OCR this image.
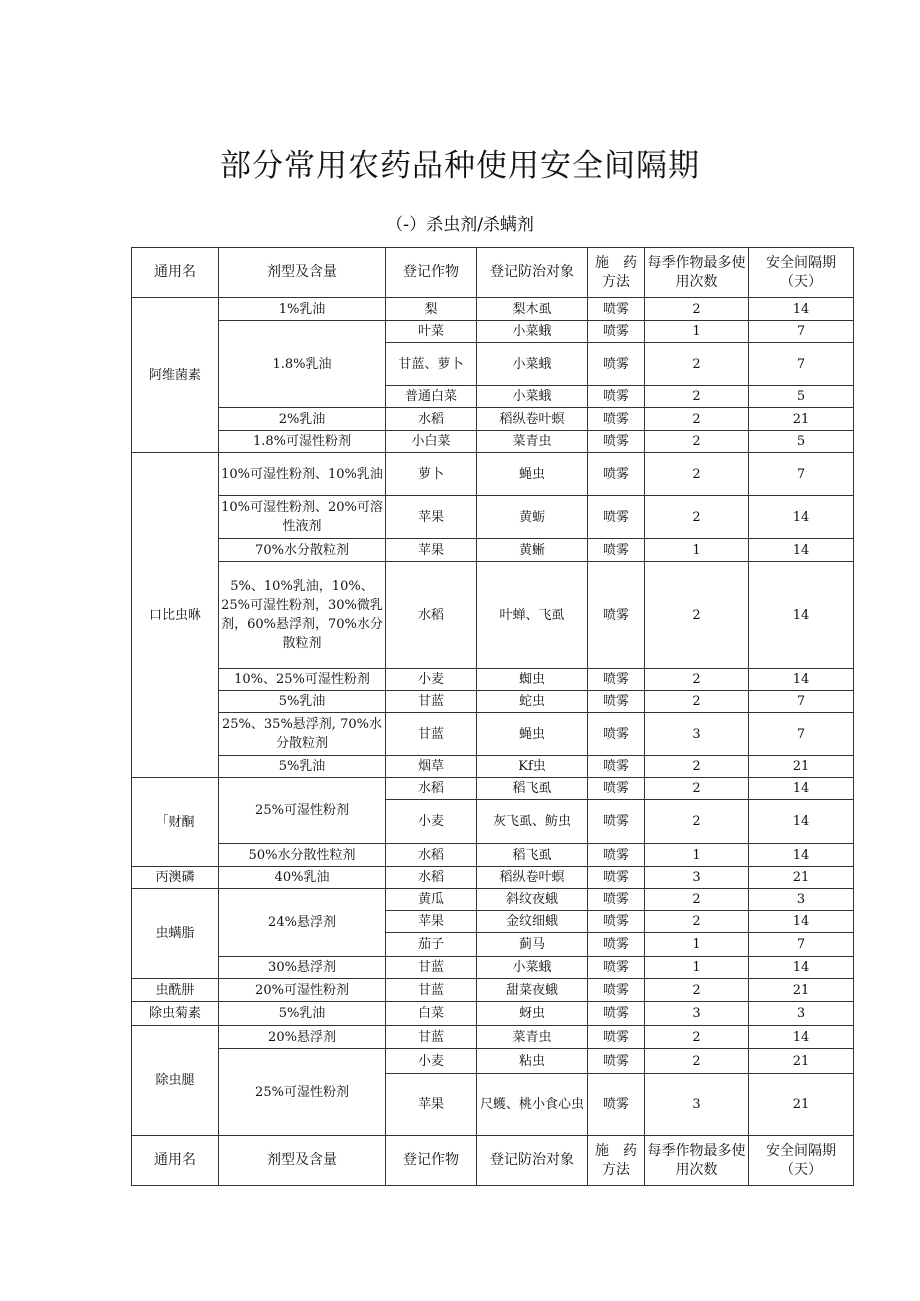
部分常用农药品种使用安全间隔期
（-）杀虫剂/杀螨剂
通用名	剂型及含量	登记作物	登记防治对象	施　药方法	每季作物最多使用次数	安全间隔期（天）
阿维菌素	1%乳油	梨	梨木虱	喷雾	2	14
	1.8%乳油	叶菜	小菜蛾	喷雾	1	7
		甘蓝、萝卜	小菜蛾	喷雾	2	7
		普通白菜	小菜蛾	喷雾	2	5
	2%乳油	水稻	稻纵卷叶螟	喷雾	2	21
	1.8%可湿性粉剂	小白菜	菜青虫	喷雾	2	5
口比虫咻	10%可湿性粉剂、10%乳油	萝卜	蝇虫	喷雾	2	7
	10%可湿性粉剂、20%可溶性液剂	苹果	黄蛎	喷雾	2	14
	70%水分散粒剂	苹果	黄蜥	喷雾	1	14
	5%、10%乳油，10%、25%可湿性粉剂，30%微乳剂，60%悬浮剂，70%水分散粒剂	水稻	叶蝉、飞虱	喷雾	2	14
	10%、25%可湿性粉剂	小麦	蜘虫	喷雾	2	14
	5%乳油	甘蓝	蛇虫	喷雾	2	7
	25%、35%悬浮剂, 70%水分散粒剂	甘蓝	蝇虫	喷雾	3	7
	5%乳油	烟草	Kf虫	喷雾	2	21
「财酮	25%可湿性粉剂	水稻	稻飞虱	喷雾	2	14
		小麦	灰飞虱、鲂虫	喷雾	2	14
	50%水分散性粒剂	水稻	稻飞虱	喷雾	1	14
丙澳磷	40%乳油	水稻	稻纵卷叶螟	喷雾	3	21
虫螨脂	24%悬浮剂	黄瓜	斜纹夜蛾	喷雾	2	3
		苹果	金纹细蛾	喷雾	2	14
		茄子	蓟马	喷雾	1	7
	30%悬浮剂	甘蓝	小菜蛾	喷雾	1	14
虫酰肼	20%可湿性粉剂	甘蓝	甜菜夜蛾	喷雾	2	21
除虫菊素	5%乳油	白菜	蚜虫	喷雾	3	3
除虫腿	20%悬浮剂	甘蓝	菜青虫	喷雾	2	14
	25%可湿性粉剂	小麦	粘虫	喷雾	2	21
		苹果	尺蠖、桃小食心虫	喷雾	3	21
通用名	剂型及含量	登记作物	登记防治对象	施　药方法	每季作物最多使用次数	安全间隔期（天）
